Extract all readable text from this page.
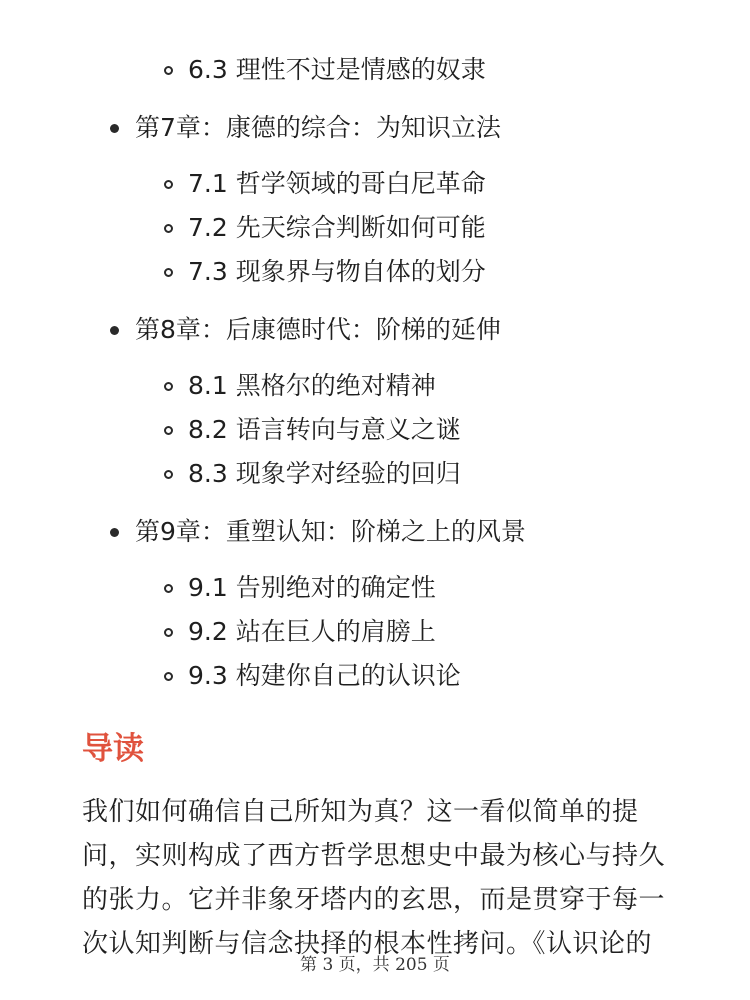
6.3 理性不过是情感的奴隶
第7章：康德的综合：为知识立法
7.1 哲学领域的哥白尼革命
7.2 先天综合判断如何可能
7.3 现象界与物自体的划分
第8章：后康德时代：阶梯的延伸
8.1 黑格尔的绝对精神
8.2 语言转向与意义之谜
8.3 现象学对经验的回归
第9章：重塑认知：阶梯之上的风景
9.1 告别绝对的确定性
9.2 站在巨人的肩膀上
9.3 构建你自己的认识论
导读

我们如何确信自己所知为真？这一看似简单的提
问，实则构成了西方哲学思想史中最为核心与持久
的张力。它并非象牙塔内的玄思，而是贯穿于每一
次认知判断与信念抉择的根本性拷问。《认识论的

第 3 页，共 205 页
